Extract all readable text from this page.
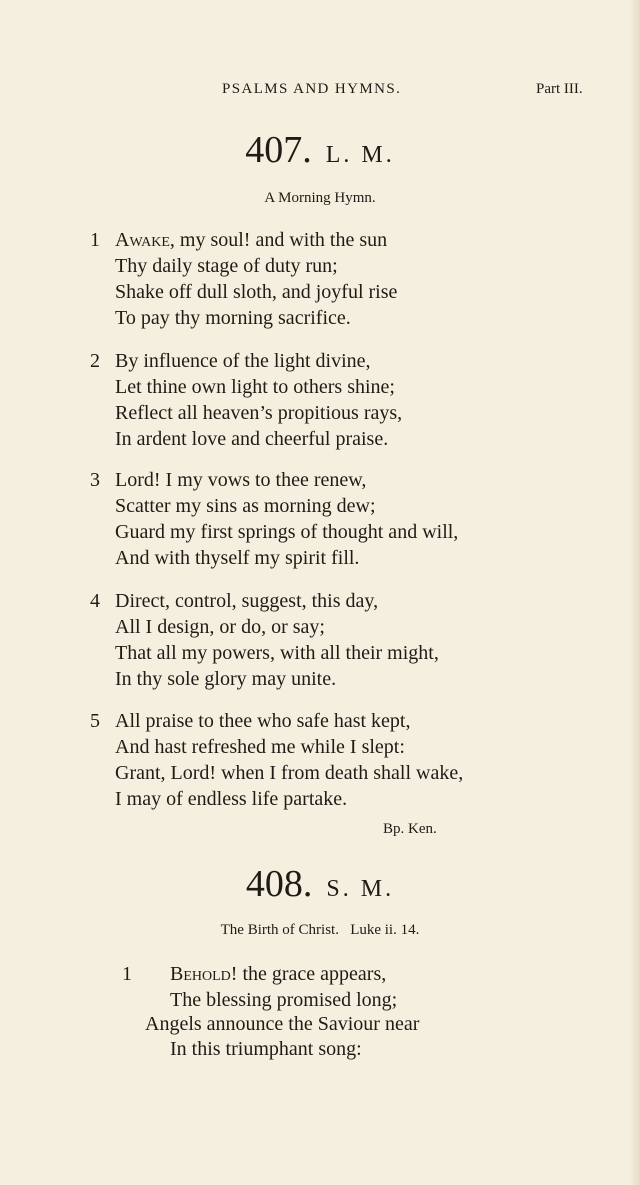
PSALMS AND HYMNS.	Part III.
407. L. M.
A Morning Hymn.
1 Awake, my soul! and with the sun
Thy daily stage of duty run;
Shake off dull sloth, and joyful rise
To pay thy morning sacrifice.
2 By influence of the light divine,
Let thine own light to others shine;
Reflect all heaven’s propitious rays,
In ardent love and cheerful praise.
3 Lord! I my vows to thee renew,
Scatter my sins as morning dew;
Guard my first springs of thought and will,
And with thyself my spirit fill.
4 Direct, control, suggest, this day,
All I design, or do, or say;
That all my powers, with all their might,
In thy sole glory may unite.
5 All praise to thee who safe hast kept,
And hast refreshed me while I slept:
Grant, Lord! when I from death shall wake,
I may of endless life partake.
Bp. Ken.
408. S. M.
The Birth of Christ.   Luke ii. 14.
1 Behold! the grace appears,
The blessing promised long;
Angels announce the Saviour near
In this triumphant song:
